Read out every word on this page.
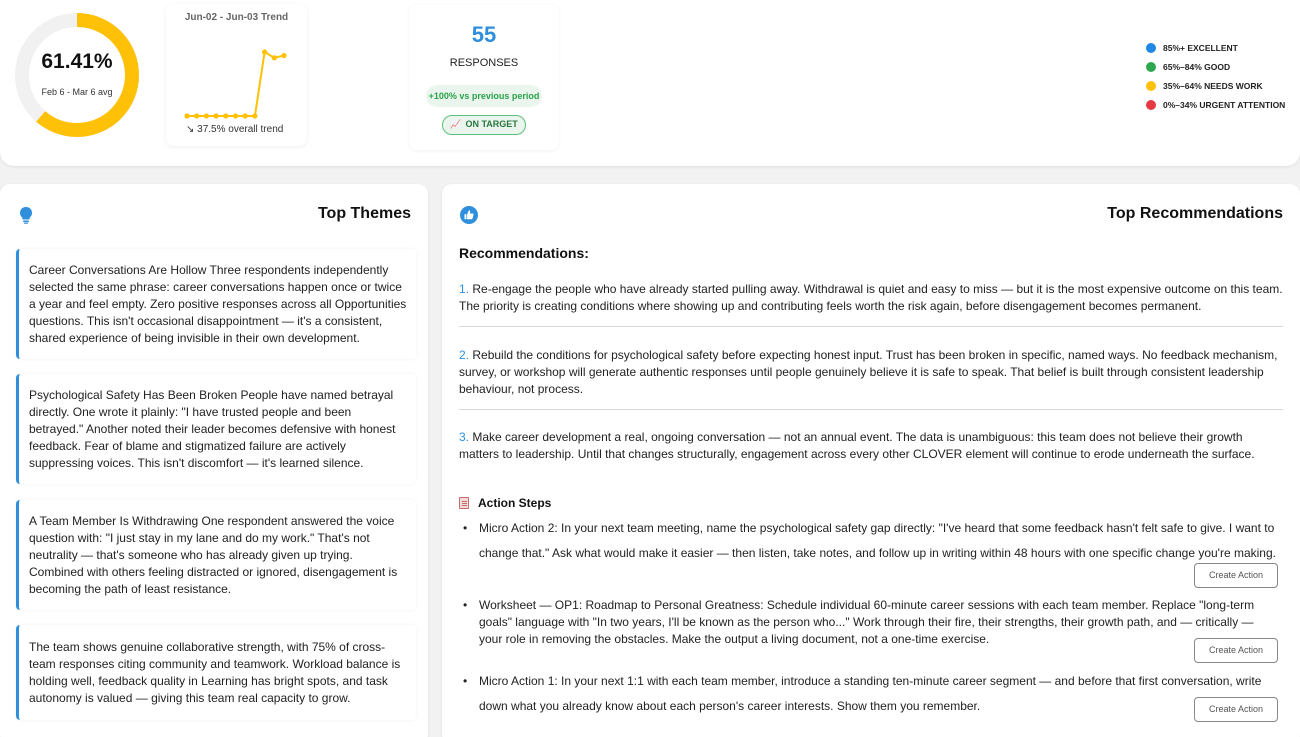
61.41%
Feb 6 - Mar 6 avg
Jun-02 - Jun-03 Trend
↘ 37.5% overall trend
55
RESPONSES
+100% vs previous period
📈 ON TARGET
85%+ EXCELLENT
65%–84% GOOD
35%–64% NEEDS WORK
0%–34% URGENT ATTENTION
Top Themes
Career Conversations Are Hollow Three respondents independently selected the same phrase: career conversations happen once or twice a year and feel empty. Zero positive responses across all Opportunities questions. This isn't occasional disappointment — it's a consistent, shared experience of being invisible in their own development.
Psychological Safety Has Been Broken People have named betrayal directly. One wrote it plainly: "I have trusted people and been betrayed." Another noted their leader becomes defensive with honest feedback. Fear of blame and stigmatized failure are actively suppressing voices. This isn't discomfort — it's learned silence.
A Team Member Is Withdrawing One respondent answered the voice question with: "I just stay in my lane and do my work." That's not neutrality — that's someone who has already given up trying. Combined with others feeling distracted or ignored, disengagement is becoming the path of least resistance.
The team shows genuine collaborative strength, with 75% of cross-team responses citing community and teamwork. Workload balance is holding well, feedback quality in Learning has bright spots, and task autonomy is valued — giving this team real capacity to grow.
Top Recommendations
Recommendations:
1. Re-engage the people who have already started pulling away. Withdrawal is quiet and easy to miss — but it is the most expensive outcome on this team. The priority is creating conditions where showing up and contributing feels worth the risk again, before disengagement becomes permanent.
2. Rebuild the conditions for psychological safety before expecting honest input. Trust has been broken in specific, named ways. No feedback mechanism, survey, or workshop will generate authentic responses until people genuinely believe it is safe to speak. That belief is built through consistent leadership behaviour, not process.
3. Make career development a real, ongoing conversation — not an annual event. The data is unambiguous: this team does not believe their growth matters to leadership. Until that changes structurally, engagement across every other CLOVER element will continue to erode underneath the surface.
Action Steps
• Micro Action 2: In your next team meeting, name the psychological safety gap directly: "I've heard that some feedback hasn't felt safe to give. I want to change that." Ask what would make it easier — then listen, take notes, and follow up in writing within 48 hours with one specific change you're making.
Create Action
• Worksheet — OP1: Roadmap to Personal Greatness: Schedule individual 60-minute career sessions with each team member. Replace "long-term goals" language with "In two years, I'll be known as the person who..." Work through their fire, their strengths, their growth path, and — critically — your role in removing the obstacles. Make the output a living document, not a one-time exercise.
Create Action
• Micro Action 1: In your next 1:1 with each team member, introduce a standing ten-minute career segment — and before that first conversation, write down what you already know about each person's career interests. Show them you remember.	Create Action
